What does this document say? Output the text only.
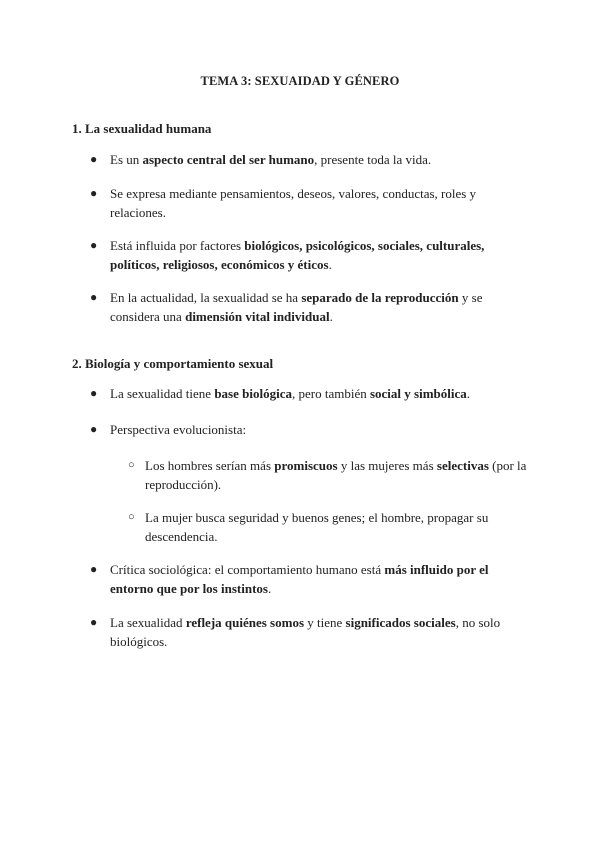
TEMA 3: SEXUAIDAD Y GÉNERO
1. La sexualidad humana
● Es un aspecto central del ser humano, presente toda la vida.
● Se expresa mediante pensamientos, deseos, valores, conductas, roles y relaciones.
● Está influida por factores biológicos, psicológicos, sociales, culturales, políticos, religiosos, económicos y éticos.
● En la actualidad, la sexualidad se ha separado de la reproducción y se considera una dimensión vital individual.
2. Biología y comportamiento sexual
● La sexualidad tiene base biológica, pero también social y simbólica.
● Perspectiva evolucionista:
○ Los hombres serían más promiscuos y las mujeres más selectivas (por la reproducción).
○ La mujer busca seguridad y buenos genes; el hombre, propagar su descendencia.
● Crítica sociológica: el comportamiento humano está más influido por el entorno que por los instintos.
● La sexualidad refleja quiénes somos y tiene significados sociales, no solo biológicos.
